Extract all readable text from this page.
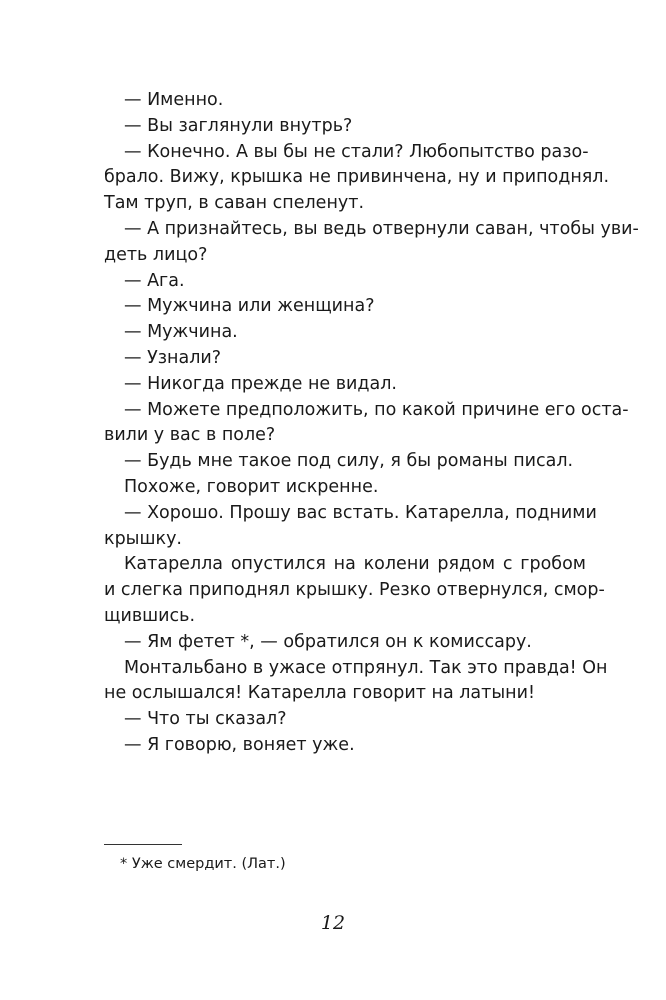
— Именно.
— Вы заглянули внутрь?
— Конечно. А вы бы не стали? Любопытство разо-
брало. Вижу, крышка не привинчена, ну и приподнял.
Там труп, в саван спеленут.
— А признайтесь, вы ведь отвернули саван, чтобы уви-
деть лицо?
— Ага.
— Мужчина или женщина?
— Мужчина.
— Узнали?
— Никогда прежде не видал.
— Можете предположить, по какой причине его оста-
вили у вас в поле?
— Будь мне такое под силу, я бы романы писал.
Похоже, говорит искренне.
— Хорошо. Прошу вас встать. Катарелла, подними
крышку.
Катарелла опустился на колени рядом с гробом
и слегка приподнял крышку. Резко отвернулся, смор-
щившись.
— Ям фетет *, — обратился он к комиссару.
Монтальбано в ужасе отпрянул. Так это правда! Он
не ослышался! Катарелла говорит на латыни!
— Что ты сказал?
— Я говорю, воняет уже.
* Уже смердит. (Лат.)
12
